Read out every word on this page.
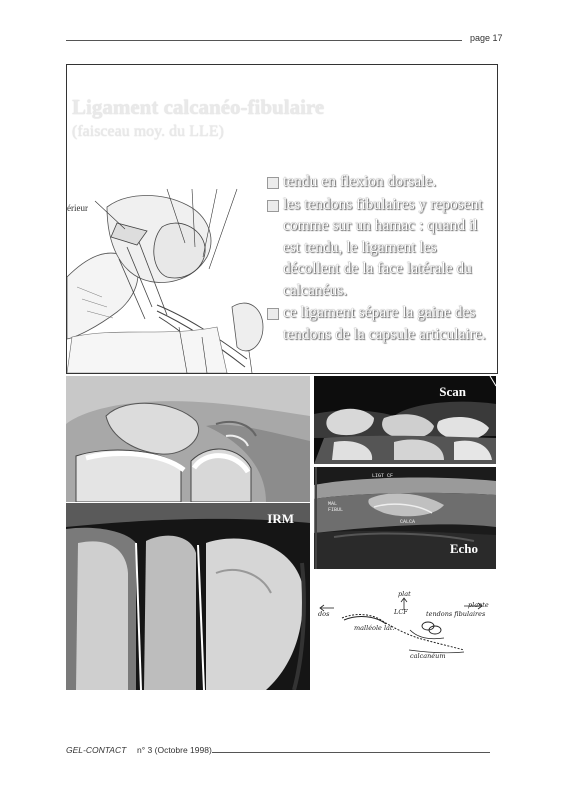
page 17
Ligament calcanéo-fibulaire
(faisceau moy. du LLE)
érieur
tendu en flexion dorsale.
les tendons fibulaires y reposent comme sur un hamac : quand il est tendu, le ligament les décollent de la face latérale du calcanéus.
ce ligament sépare la gaine des tendons de la capsule articulaire.
Scan
LIGT CF
MAL FIBUL
CALCA
Echo
IRM
plat
dos
plante
LCF
malléole lat.
tendons fibulaires
calcanéum
GEL-CONTACT n° 3 (Octobre 1998)
